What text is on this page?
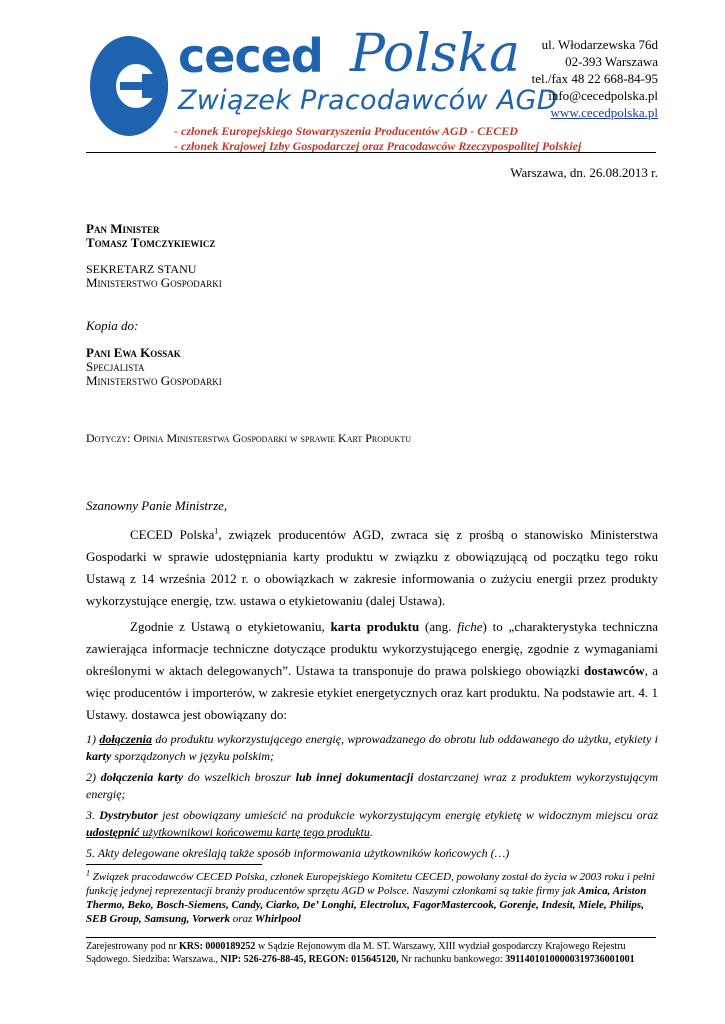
ceced Polska
Związek Pracodawców AGD
ul. Włodarzewska 76d
02-393 Warszawa
tel./fax 48 22 668-84-95
info@cecedpolska.pl
www.cecedpolska.pl
- członek Europejskiego Stowarzyszenia Producentów AGD - CECED
- członek Krajowej Izby Gospodarczej oraz Pracodawców Rzeczypospolitej Polskiej
Warszawa, dn. 26.08.2013 r.
Pan Minister
Tomasz Tomczykiewicz
SEKRETARZ STANU
Ministerstwo Gospodarki
Kopia do:
Pani Ewa Kossak
Specjalista
Ministerstwo Gospodarki
Dotyczy: Opinia Ministerstwa Gospodarki w sprawie Kart Produktu
Szanowny Panie Ministrze,
CECED Polska$^1$, związek producentów AGD, zwraca się z prośbą o stanowisko Ministerstwa Gospodarki w sprawie udostępniania karty produktu w związku z obowiązującą od początku tego roku Ustawą z 14 września 2012 r. o obowiązkach w zakresie informowania o zużyciu energii przez produkty wykorzystujące energię, tzw. ustawa o etykietowaniu (dalej Ustawa).
Zgodnie z Ustawą o etykietowaniu, karta produktu (ang. fiche) to „charakterystyka techniczna zawierająca informacje techniczne dotyczące produktu wykorzystującego energię, zgodnie z wymaganiami określonymi w aktach delegowanych”. Ustawa ta transponuje do prawa polskiego obowiązki dostawców, a więc producentów i importerów, w zakresie etykiet energetycznych oraz kart produktu. Na podstawie art. 4. 1 Ustawy. dostawca jest obowiązany do:

1) dołączenia do produktu wykorzystującego energię, wprowadzanego do obrotu lub oddawanego do użytku, etykiety i karty sporządzonych w języku polskim;

2) dołączenia karty do wszelkich broszur lub innej dokumentacji dostarczanej wraz z produktem wykorzystującym energię;

3. Dystrybutor jest obowiązany umieścić na produkcie wykorzystującym energię etykietę w widocznym miejscu oraz udostępnić użytkownikowi końcowemu kartę tego produktu.

5. Akty delegowane określają także sposób informowania użytkowników końcowych (…)

$^1$ Związek pracodawców CECED Polska, członek Europejskiego Komitetu CECED, powołany został do życia w 2003 roku i pełni funkcję jedynej reprezentacji branży producentów sprzętu AGD w Polsce. Naszymi członkami są takie firmy jak Amica, Ariston Thermo, Beko, Bosch-Siemens, Candy, Ciarko, De’ Longhi, Electrolux, FagorMastercook, Gorenje, Indesit, Miele, Philips, SEB Group, Samsung, Vorwerk oraz Whirlpool
Zarejestrowany pod nr KRS: 0000189252 w Sądzie Rejonowym dla M. ST. Warszawy, XIII wydział gospodarczy Krajowego Rejestru Sądowego. Siedziba: Warszawa., NIP: 526-276-88-45, REGON: 015645120, Nr rachunku bankowego: 39114010100000319736001001
